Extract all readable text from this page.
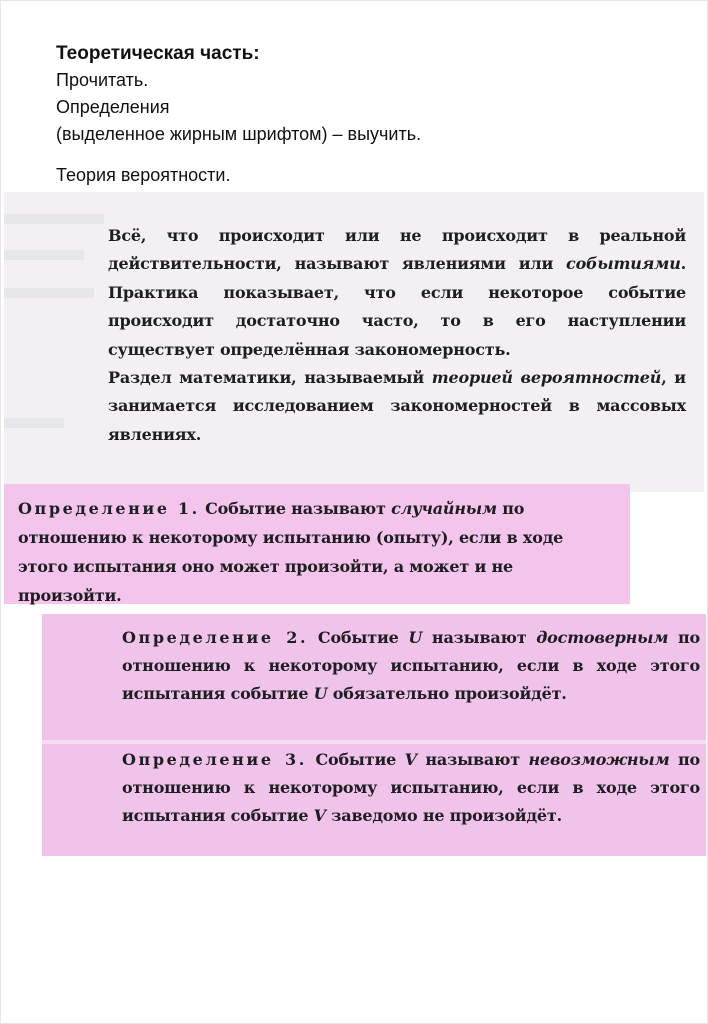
Теоретическая часть:
Прочитать.
Определения
(выделенное жирным шрифтом) – выучить.
Теория вероятности.
Всё, что происходит или не происходит в реальной действительности, называют явлениями или событиями. Практика показывает, что если некоторое событие происходит достаточно часто, то в его наступлении существует определённая закономерность.
Раздел математики, называемый теорией вероятностей, и занимается исследованием закономерностей в массовых явлениях.
Определение 1. Событие называют случайным по отношению к некоторому испытанию (опыту), если в ходе этого испытания оно может произойти, а может и не произойти.
Определение 2. Событие U называют достоверным по отношению к некоторому испытанию, если в ходе этого испытания событие U обязательно произойдёт.
Определение 3. Событие V называют невозможным по отношению к некоторому испытанию, если в ходе этого испытания событие V заведомо не произойдёт.
